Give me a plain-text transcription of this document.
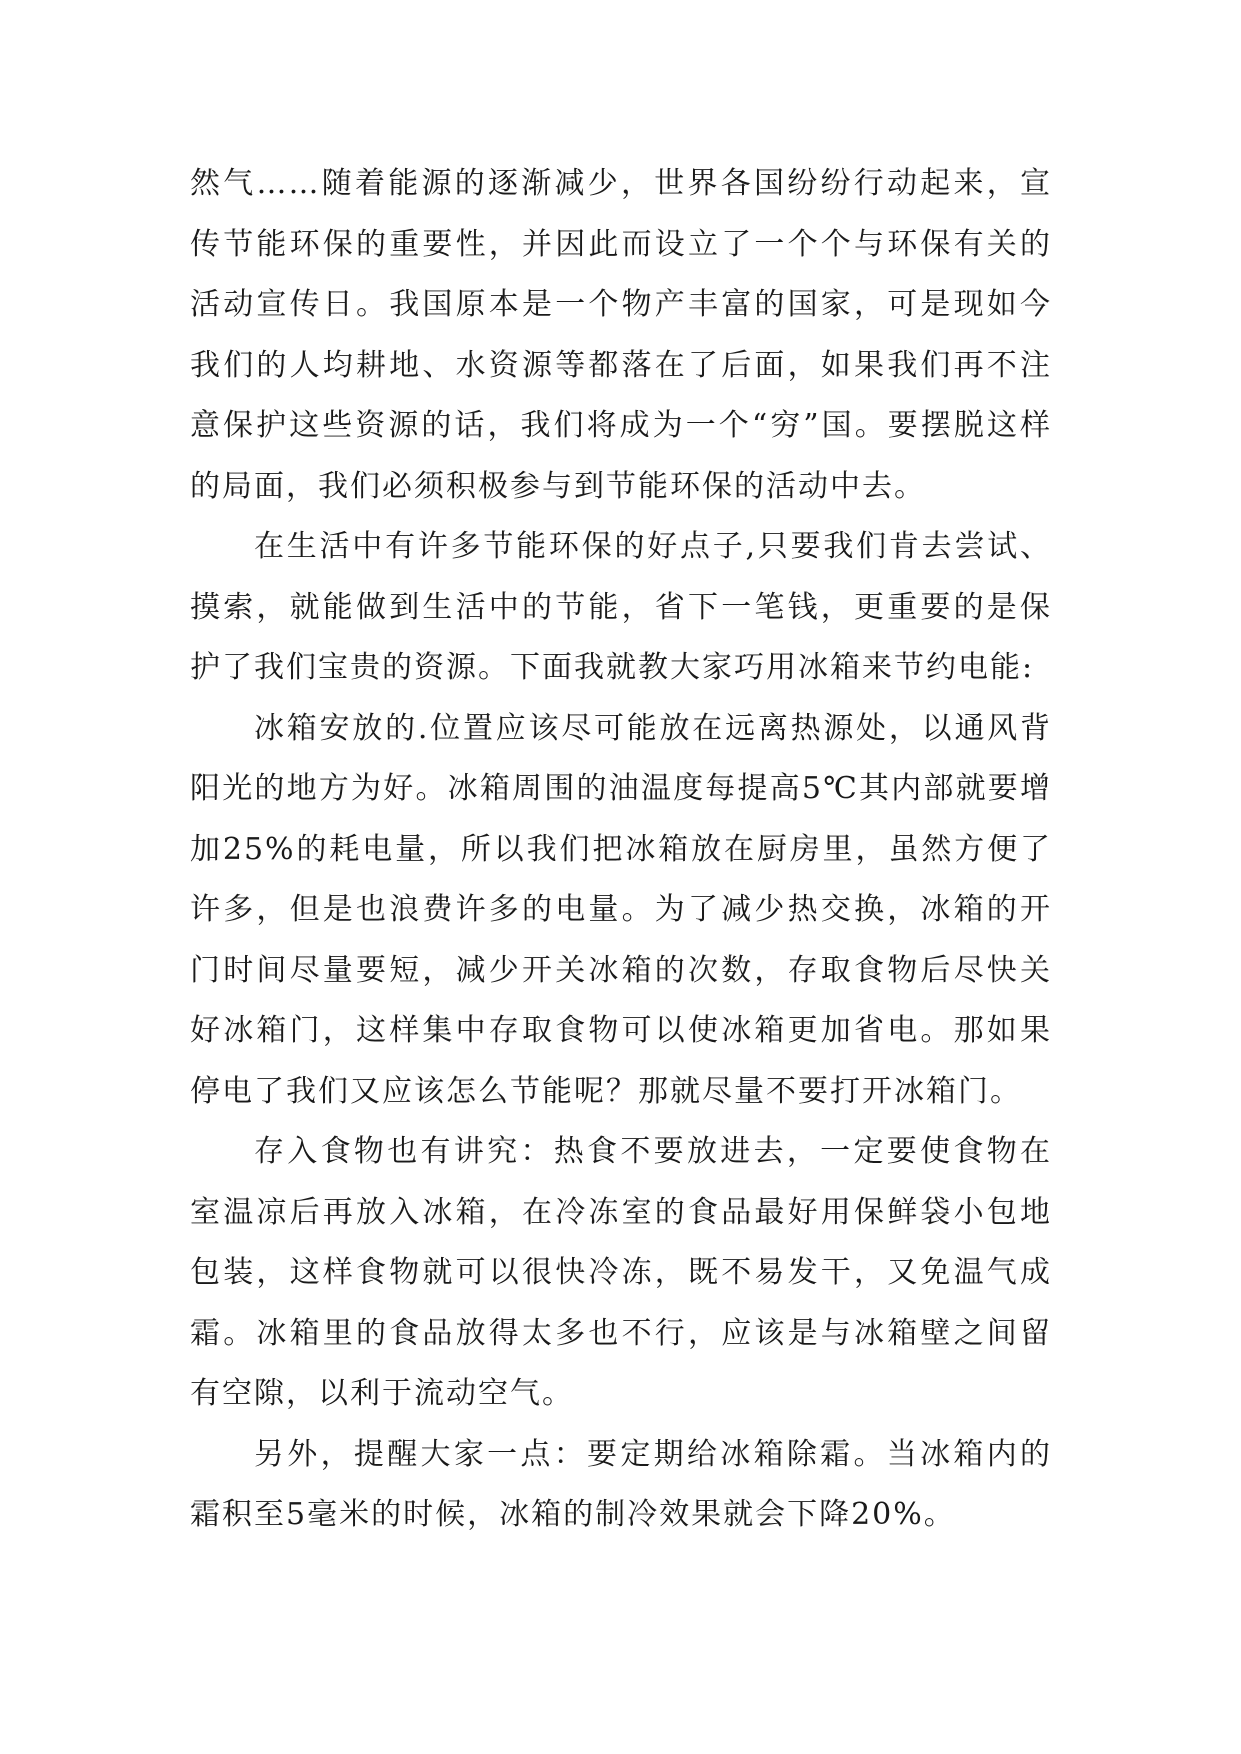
然气……随着能源的逐渐减少，世界各国纷纷行动起来，宣传节能环保的重要性，并因此而设立了一个个与环保有关的活动宣传日。我国原本是一个物产丰富的国家，可是现如今我们的人均耕地、水资源等都落在了后面，如果我们再不注意保护这些资源的话，我们将成为一个“穷”国。要摆脱这样的局面，我们必须积极参与到节能环保的活动中去。

在生活中有许多节能环保的好点子,只要我们肯去尝试、摸索，就能做到生活中的节能，省下一笔钱，更重要的是保护了我们宝贵的资源。下面我就教大家巧用冰箱来节约电能:

冰箱安放的.位置应该尽可能放在远离热源处，以通风背阳光的地方为好。冰箱周围的油温度每提高5℃其内部就要增加25%的耗电量，所以我们把冰箱放在厨房里，虽然方便了许多，但是也浪费许多的电量。为了减少热交换，冰箱的开门时间尽量要短，减少开关冰箱的次数，存取食物后尽快关好冰箱门，这样集中存取食物可以使冰箱更加省电。那如果停电了我们又应该怎么节能呢？那就尽量不要打开冰箱门。

存入食物也有讲究：热食不要放进去，一定要使食物在室温凉后再放入冰箱，在冷冻室的食品最好用保鲜袋小包地包装，这样食物就可以很快冷冻，既不易发干，又免温气成霜。冰箱里的食品放得太多也不行，应该是与冰箱壁之间留有空隙，以利于流动空气。

另外，提醒大家一点：要定期给冰箱除霜。当冰箱内的霜积至5毫米的时候，冰箱的制冷效果就会下降20%。
